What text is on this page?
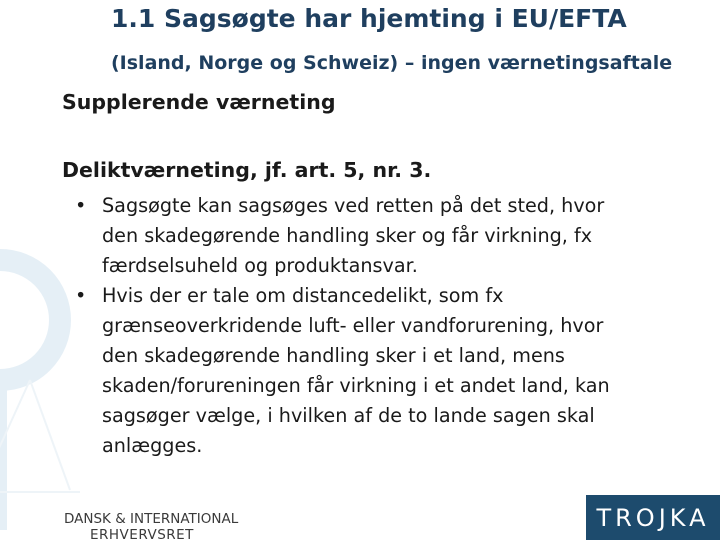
1.1 Sagsøgte har hjemting i EU/EFTA
(Island, Norge og Schweiz) – ingen værnetingsaftale
Supplerende værneting
Deliktværneting, jf. art. 5, nr. 3.
• Sagsøgte kan sagsøges ved retten på det sted, hvor
den skadegørende handling sker og får virkning, fx
færdselsuheld og produktansvar.
• Hvis der er tale om distancedelikt, som fx
grænseoverkridende luft- eller vandforurening, hvor
den skadegørende handling sker i et land, mens
skaden/forureningen får virkning i et andet land, kan
sagsøger vælge, i hvilken af de to lande sagen skal
anlægges.
DANSK & INTERNATIONAL
ERHVERVSRET
TROJKA
